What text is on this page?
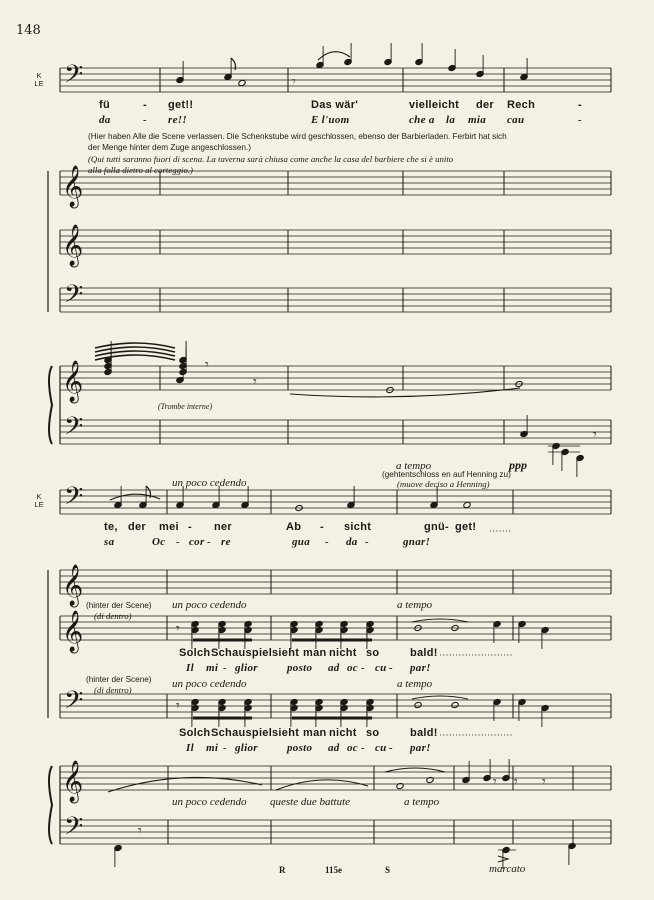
𝄢	𝄾
𝄞
𝄞
𝄢
𝄞
𝄢
𝄾
𝄾
𝄾
𝄢
𝄞
𝄞	𝄾
𝄢	𝄾
𝄞
𝄢
𝄾 𝄾 𝄾
𝄾
148
R	115e	S
K
LE
fü	- get!!	Das wär'	vielleicht der Rech	-
da	- re!!	E l'uom	che a la mia cau	-
(Hier haben Alle die Scene verlassen. Die Schenkstube wird geschlossen, ebenso der Barbierladen. Ferbirt hat sich
der Menge hinter dem Zuge angeschlossen.)
(Qui tutti saranno fuori di scena. La taverna sarà chiusa come anche la casa del barbiere che si è unito
alla folla dietro al corteggio.)
(Trombe interne)
K
LE
un poco cedendo
a tempo	ppp
(gehtentschloss en auf Henning zu)
(muove deciso a Henning)
te, der mei - ner	Ab - sicht	gnü - get!
sa	Oc - cor - re	gua - da -	gnar!
(hinter der Scene)
(di dentro)
un poco cedendo	a tempo
Solch Schauspiel sieht man nicht so	bald!
Il mi - glior	posto ad oc - cu - par!
(hinter der Scene)
(di dentro)	un poco cedendo	a tempo
Solch Schauspiel sieht man nicht so	bald!
Il mi - glior	posto ad oc - cu - par!
un poco cedendo queste due battute	a tempo
marcato
